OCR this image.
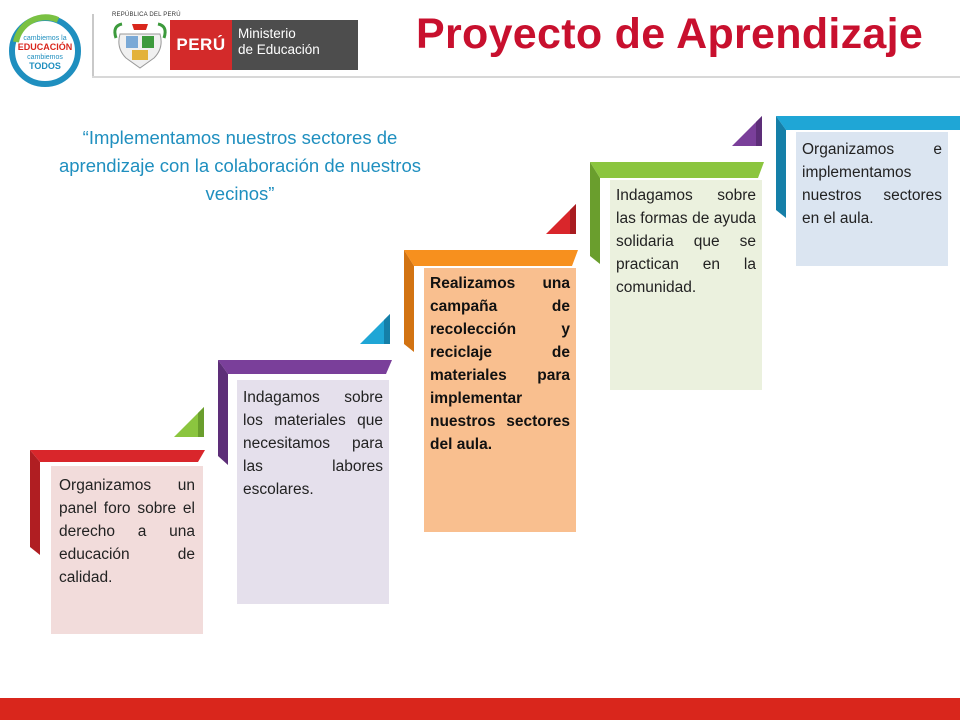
cambiemos la
EDUCACIÓN
cambiemos
TODOS
REPÚBLICA DEL PERÚ
PERÚ
Ministerio
de Educación	Proyecto de Aprendizaje
“Implementamos nuestros sectores de aprendizaje con la colaboración de nuestros vecinos”
Organizamos un panel foro sobre el derecho a una educación de calidad.
Indagamos sobre los materiales que necesitamos para las labores escolares.
Realizamos una campaña de recolección y reciclaje de materiales para implementar nuestros sectores del aula.
Indagamos sobre las formas de ayuda solidaria que se practican en la comunidad.
Organizamos e implementamos nuestros sectores en el aula.
